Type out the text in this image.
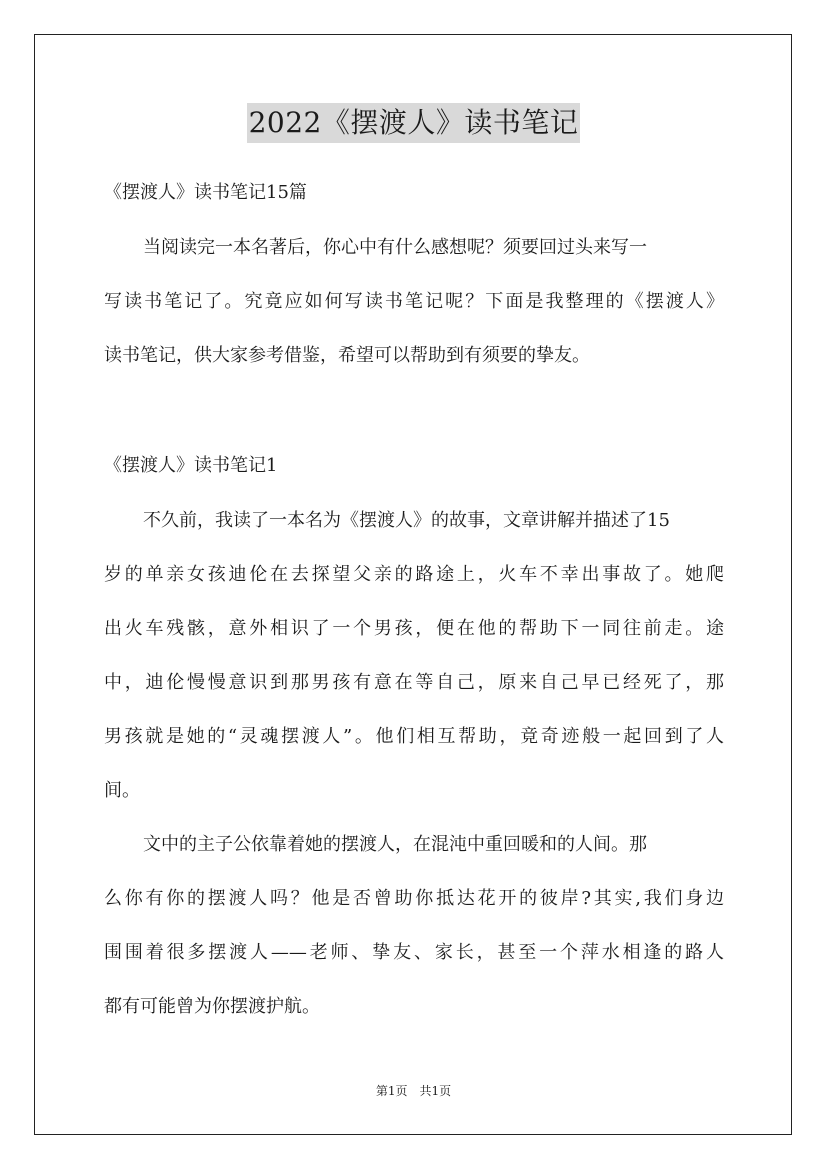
2022《摆渡人》读书笔记
《摆渡人》读书笔记15篇
当阅读完一本名著后，你心中有什么感想呢？须要回过头来写一
写读书笔记了。究竟应如何写读书笔记呢？下面是我整理的《摆渡人》
读书笔记，供大家参考借鉴，希望可以帮助到有须要的挚友。
《摆渡人》读书笔记1
不久前，我读了一本名为《摆渡人》的故事，文章讲解并描述了15
岁的单亲女孩迪伦在去探望父亲的路途上，火车不幸出事故了。她爬
出火车残骸，意外相识了一个男孩，便在他的帮助下一同往前走。途
中，迪伦慢慢意识到那男孩有意在等自己，原来自己早已经死了，那
男孩就是她的“灵魂摆渡人”。他们相互帮助，竟奇迹般一起回到了人
间。
文中的主子公依靠着她的摆渡人，在混沌中重回暖和的人间。那
么你有你的摆渡人吗？他是否曾助你抵达花开的彼岸?其实,我们身边
围围着很多摆渡人——老师、挚友、家长，甚至一个萍水相逢的路人
都有可能曾为你摆渡护航。
第1页　共1页
